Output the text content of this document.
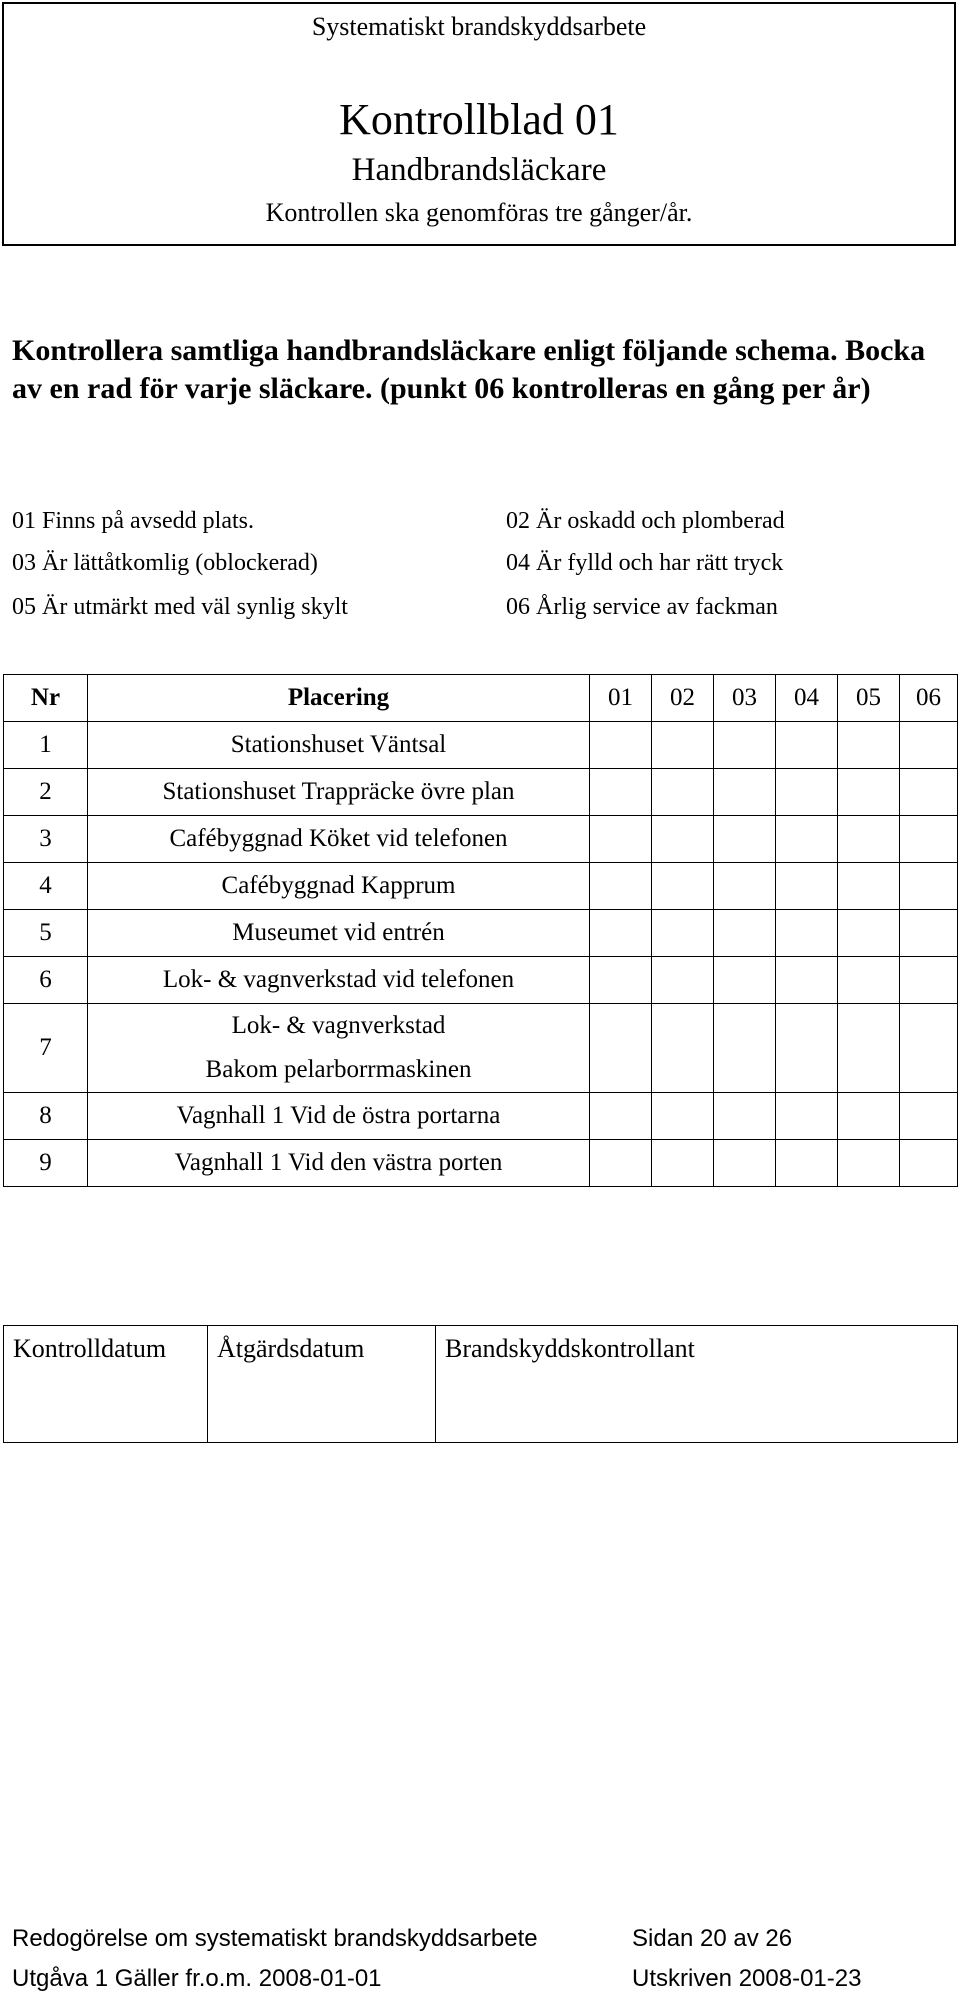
Systematiskt brandskyddsarbete
Kontrollblad 01
Handbrandsläckare
Kontrollen ska genomföras tre gånger/år.
Kontrollera samtliga handbrandsläckare enligt följande schema. Bocka av en rad för varje släckare. (punkt 06 kontrolleras en gång per år)
01 Finns på avsedd plats.	02 Är oskadd och plomberad
03 Är lättåtkomlig (oblockerad)	04 Är fylld och har rätt tryck
05 Är utmärkt med väl synlig skylt	06 Årlig service av fackman
Nr	Placering	01	02	03	04	05	06
1	Stationshuset Väntsal						

2	Stationshuset Trappräcke övre plan						

3	Cafébyggnad Köket vid telefonen						

4	Cafébyggnad Kapprum						

5	Museumet vid entrén						

6	Lok- & vagnverkstad vid telefonen						

7	Lok- & vagnverkstad
Bakom pelarborrmaskinen						

8	Vagnhall 1 Vid de östra portarna						

9	Vagnhall 1 Vid den västra porten						

Kontrolldatum	Åtgärdsdatum	Brandskyddskontrollant
Redogörelse om systematiskt brandskyddsarbete	Sidan 20 av 26
Utgåva 1 Gäller fr.o.m. 2008-01-01	Utskriven 2008-01-23
